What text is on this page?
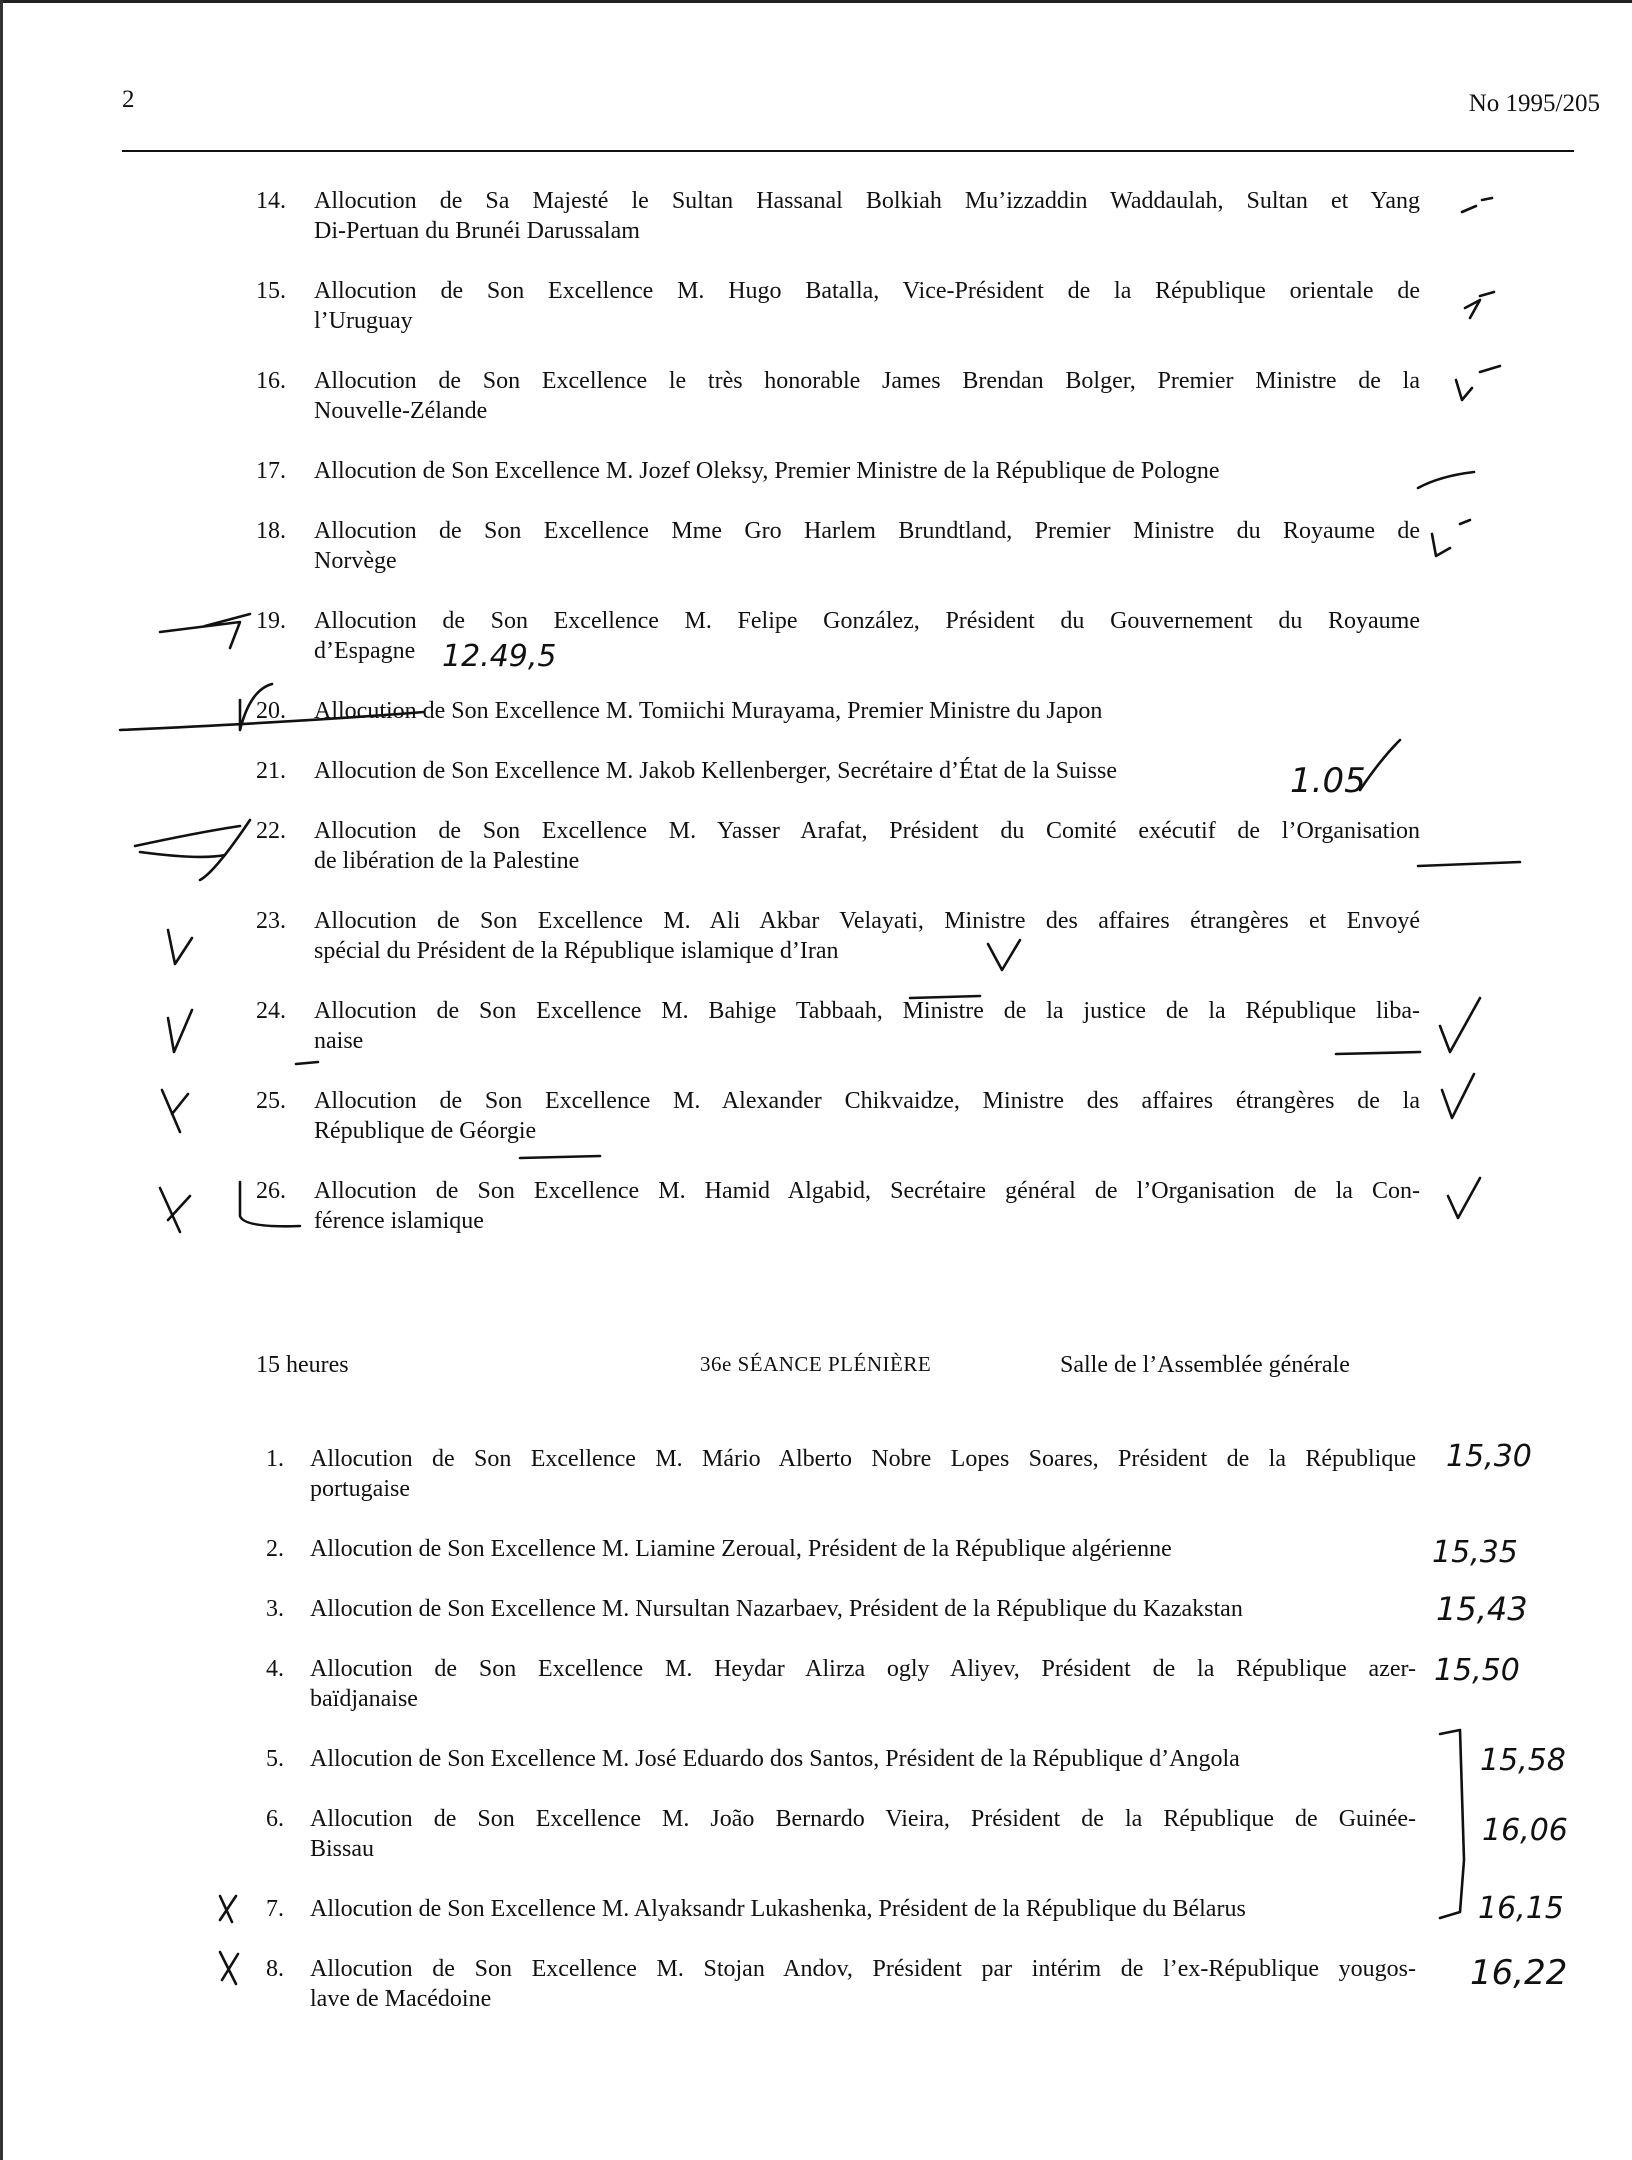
2	No 1995/205
14. Allocution de Sa Majesté le Sultan Hassanal Bolkiah Mu’izzaddin Waddaulah, Sultan et Yang
Di-Pertuan du Brunéi Darussalam
15. Allocution de Son Excellence M. Hugo Batalla, Vice-Président de la République orientale de
l’Uruguay
16. Allocution de Son Excellence le très honorable James Brendan Bolger, Premier Ministre de la
Nouvelle-Zélande
17. Allocution de Son Excellence M. Jozef Oleksy, Premier Ministre de la République de Pologne
18. Allocution de Son Excellence Mme Gro Harlem Brundtland, Premier Ministre du Royaume de
Norvège
19. Allocution de Son Excellence M. Felipe González, Président du Gouvernement du Royaume
d’Espagne
20. Allocution de Son Excellence M. Tomiichi Murayama, Premier Ministre du Japon
21. Allocution de Son Excellence M. Jakob Kellenberger, Secrétaire d’État de la Suisse
22. Allocution de Son Excellence M. Yasser Arafat, Président du Comité exécutif de l’Organisation
de libération de la Palestine
23. Allocution de Son Excellence M. Ali Akbar Velayati, Ministre des affaires étrangères et Envoyé
spécial du Président de la République islamique d’Iran
24. Allocution de Son Excellence M. Bahige Tabbaah, Ministre de la justice de la République liba-
naise
25. Allocution de Son Excellence M. Alexander Chikvaidze, Ministre des affaires étrangères de la
République de Géorgie
26. Allocution de Son Excellence M. Hamid Algabid, Secrétaire général de l’Organisation de la Con-
férence islamique
15 heures	36e SÉANCE PLÉNIÈRE	Salle de l’Assemblée générale
1. Allocution de Son Excellence M. Mário Alberto Nobre Lopes Soares, Président de la République
portugaise
2. Allocution de Son Excellence M. Liamine Zeroual, Président de la République algérienne
3. Allocution de Son Excellence M. Nursultan Nazarbaev, Président de la République du Kazakstan
4. Allocution de Son Excellence M. Heydar Alirza ogly Aliyev, Président de la République azer-
baïdjanaise
5. Allocution de Son Excellence M. José Eduardo dos Santos, Président de la République d’Angola
6. Allocution de Son Excellence M. João Bernardo Vieira, Président de la République de Guinée-
Bissau
7. Allocution de Son Excellence M. Alyaksandr Lukashenka, Président de la République du Bélarus
8. Allocution de Son Excellence M. Stojan Andov, Président par intérim de l’ex-République yougos-
lave de Macédoine
12.49,5
1.05
15,30
15,35
15,43
15,50
15,58
16,06
16,15
16,22
